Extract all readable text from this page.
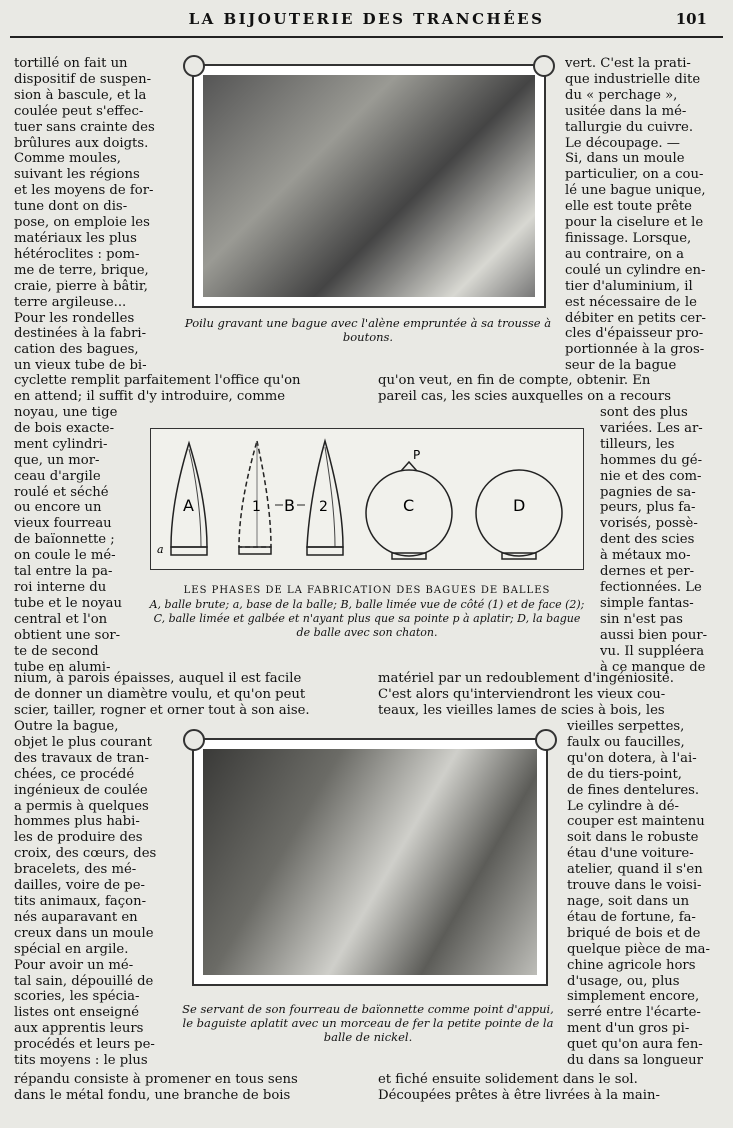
LA BIJOUTERIE DES TRANCHÉES	101
tortillé on fait un
dispositif de suspen-
sion à bascule, et la
coulée peut s'effec-
tuer sans crainte des
brûlures aux doigts.
Comme moules,
suivant les régions
et les moyens de for-
tune dont on dis-
pose, on emploie les
matériaux les plus
hétéroclites : pom-
me de terre, brique,
craie, pierre à bâtir,
terre argileuse...
Pour les rondelles
destinées à la fabri-
cation des bagues,
un vieux tube de bi-
Poilu gravant une bague avec l'alène empruntée à sa trousse à boutons.
vert. C'est la prati-
que industrielle dite
du « perchage »,
usitée dans la mé-
tallurgie du cuivre.
Le découpage. —
Si, dans un moule
particulier, on a cou-
lé une bague unique,
elle est toute prête
pour la ciselure et le
finissage. Lorsque,
au contraire, on a
coulé un cylindre en-
tier d'aluminium, il
est nécessaire de le
débiter en petits cer-
cles d'épaisseur pro-
portionnée à la gros-
seur de la bague
cyclette remplit parfaitement l'office qu'on
en attend; il suffit d'y introduire, comme
qu'on veut, en fin de compte, obtenir. En
pareil cas, les scies auxquelles on a recours
noyau, une tige
de bois exacte-
ment cylindri-
que, un mor-
ceau d'argile
roulé et séché
ou encore un
vieux fourreau
de baïonnette ;
on coule le mé-
tal entre la pa-
roi interne du
tube et le noyau
central et l'on
obtient une sor-
te de second
tube en alumi-
sont des plus
variées. Les ar-
tilleurs, les
hommes du gé-
nie et des com-
pagnies de sa-
peurs, plus fa-
vorisés, possè-
dent des scies
à métaux mo-
dernes et per-
fectionnées. Le
simple fantas-
sin n'est pas
aussi bien pour-
vu. Il suppléera
à ce manque de
A
a
1 B 2
P
C	D
LES PHASES DE LA FABRICATION DES BAGUES DE BALLES
A, balle brute; a, base de la balle; B, balle limée vue de côté (1) et de face (2); C, balle limée et galbée et n'ayant plus que sa pointe p à aplatir; D, la bague de balle avec son chaton.
nium, à parois épaisses, auquel il est facile
de donner un diamètre voulu, et qu'on peut
scier, tailler, rogner et orner tout à son aise.
matériel par un redoublement d'ingéniosité.
C'est alors qu'interviendront les vieux cou-
teaux, les vieilles lames de scies à bois, les
Outre la bague,
objet le plus courant
des travaux de tran-
chées, ce procédé
ingénieux de coulée
a permis à quelques
hommes plus habi-
les de produire des
croix, des cœurs, des
bracelets, des mé-
dailles, voire de pe-
tits animaux, façon-
nés auparavant en
creux dans un moule
spécial en argile.
Pour avoir un mé-
tal sain, dépouillé de
scories, les spécia-
listes ont enseigné
aux apprentis leurs
procédés et leurs pe-
tits moyens : le plus
Se servant de son fourreau de baïonnette comme point d'appui, le baguiste aplatit avec un morceau de fer la petite pointe de la balle de nickel.
vieilles serpettes,
faulx ou faucilles,
qu'on dotera, à l'ai-
de du tiers-point,
de fines dentelures.
Le cylindre à dé-
couper est maintenu
soit dans le robuste
étau d'une voiture-
atelier, quand il s'en
trouve dans le voisi-
nage, soit dans un
étau de fortune, fa-
briqué de bois et de
quelque pièce de ma-
chine agricole hors
d'usage, ou, plus
simplement encore,
serré entre l'écarte-
ment d'un gros pi-
quet qu'on aura fen-
du dans sa longueur
répandu consiste à promener en tous sens
dans le métal fondu, une branche de bois
et fiché ensuite solidement dans le sol.
Découpées prêtes à être livrées à la main-
